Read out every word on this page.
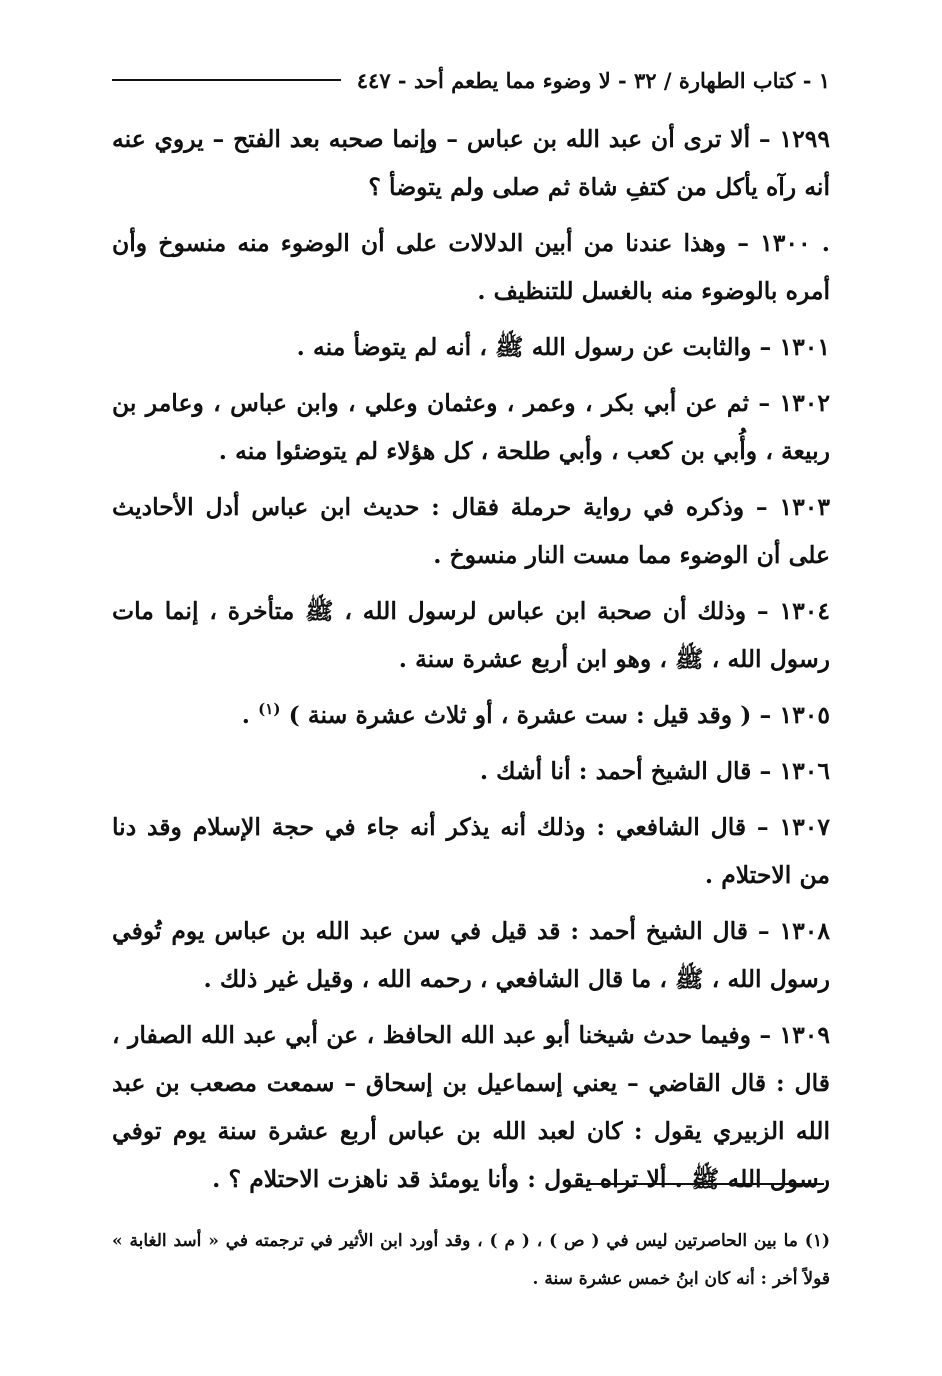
١ - كتاب الطهارة / ٣٢ - لا وضوء مما يطعم أحد - ٤٤٧

١٢٩٩ – ألا ترى أن عبد الله بن عباس – وإنما صحبه بعد الفتح – يروي عنه أنه رآه يأكل من كتفِ شاة ثم صلى ولم يتوضأ ؟

. ١٣٠٠ – وهذا عندنا من أبين الدلالات على أن الوضوء منه منسوخ وأن أمره بالوضوء منه بالغسل للتنظيف .

١٣٠١ – والثابت عن رسول الله ﷺ ، أنه لم يتوضأ منه .

١٣٠٢ – ثم عن أبي بكر ، وعمر ، وعثمان وعلي ، وابن عباس ، وعامر بن ربيعة ، وأُبي بن كعب ، وأبي طلحة ، كل هؤلاء لم يتوضئوا منه .

١٣٠٣ – وذكره في رواية حرملة فقال : حديث ابن عباس أدل الأحاديث على أن الوضوء مما مست النار منسوخ .

١٣٠٤ – وذلك أن صحبة ابن عباس لرسول الله ، ﷺ متأخرة ، إنما مات رسول الله ، ﷺ ، وهو ابن أربع عشرة سنة .

١٣٠٥ – ( وقد قيل : ست عشرة ، أو ثلاث عشرة سنة ) $^{(١)}$ .

١٣٠٦ – قال الشيخ أحمد : أنا أشك .

١٣٠٧ – قال الشافعي : وذلك أنه يذكر أنه جاء في حجة الإسلام وقد دنا من الاحتلام .

١٣٠٨ – قال الشيخ أحمد : قد قيل في سن عبد الله بن عباس يوم تُوفي رسول الله ، ﷺ ، ما قال الشافعي ، رحمه الله ، وقيل غير ذلك .

١٣٠٩ – وفيما حدث شيخنا أبو عبد الله الحافظ ، عن أبي عبد الله الصفار ، قال : قال القاضي – يعني إسماعيل بن إسحاق – سمعت مصعب بن عبد الله الزبيري يقول : كان لعبد الله بن عباس أربع عشرة سنة يوم توفي رسول الله ﷺ . ألا تراه يقول : وأنا يومئذ قد ناهزت الاحتلام ؟ .

(١) ما بين الحاصرتين ليس في ( ص ) ، ( م ) ، وقد أورد ابن الأثير في ترجمته في « أسد الغابة » قولاً أخر : أنه كان ابنُ خمس عشرة سنة .
